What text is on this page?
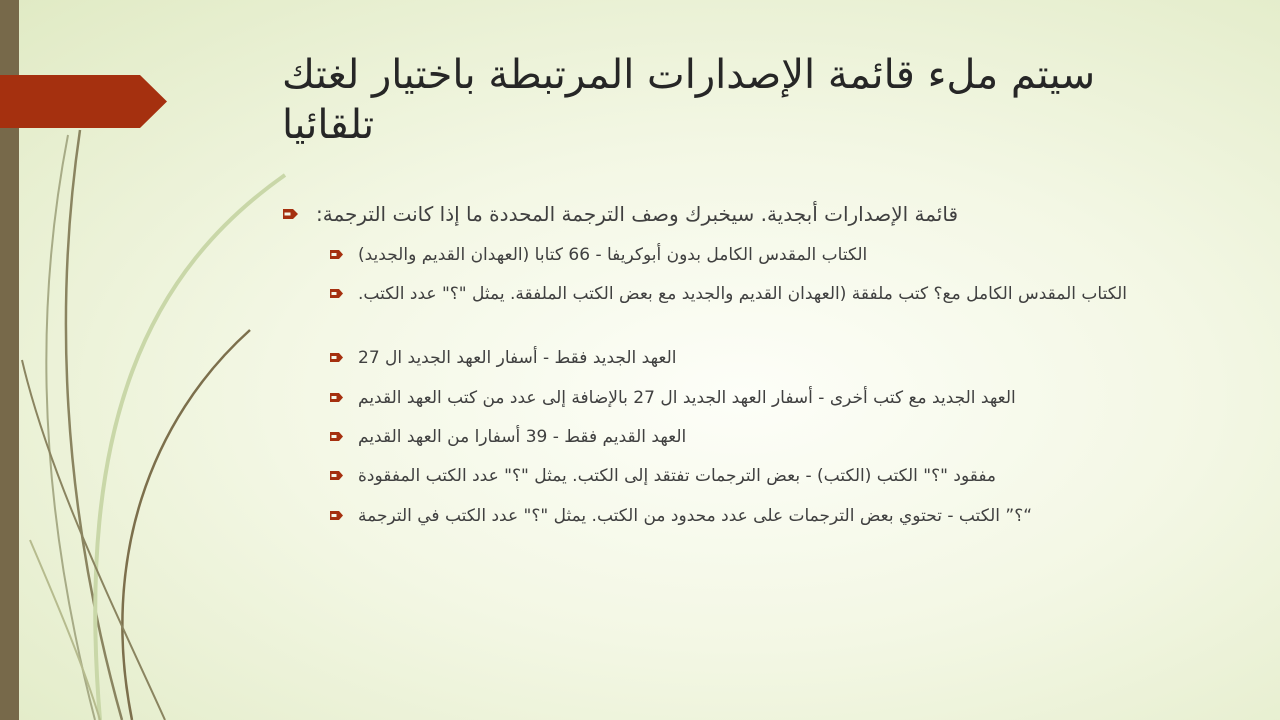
سيتم ملء قائمة الإصدارات المرتبطة باختيار لغتك تلقائيا
قائمة الإصدارات أبجدية. سيخبرك وصف الترجمة المحددة ما إذا كانت الترجمة:
الكتاب المقدس الكامل بدون أبوكريفا - 66 كتابا (العهدان القديم والجديد)
الكتاب المقدس الكامل مع؟ كتب ملفقة (العهدان القديم والجديد مع بعض الكتب الملفقة. يمثل "؟" عدد الكتب.
العهد الجديد فقط - أسفار العهد الجديد ال 27
العهد الجديد مع كتب أخرى - أسفار العهد الجديد ال 27 بالإضافة إلى عدد من كتب العهد القديم
العهد القديم فقط - 39 أسفارا من العهد القديم
مفقود "؟" الكتب (الكتب) - بعض الترجمات تفتقد إلى الكتب. يمثل "؟" عدد الكتب المفقودة
“؟” الكتب - تحتوي بعض الترجمات على عدد محدود من الكتب. يمثل "؟" عدد الكتب في الترجمة
